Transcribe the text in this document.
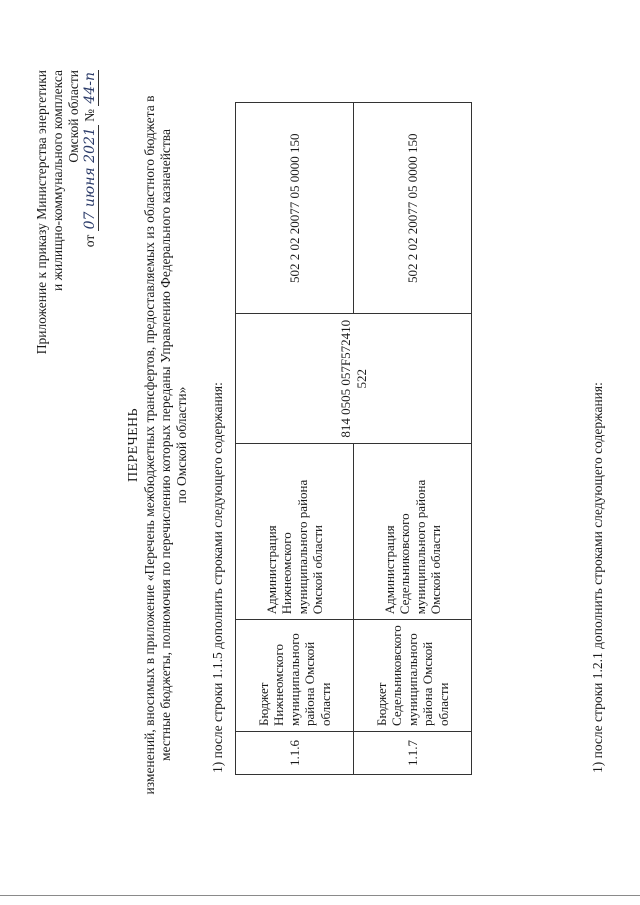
Приложение к приказу Министерства энергетики и жилищно-коммунального комплекса Омской области
от 07 июня 2021 № 44-п
ПЕРЕЧЕНЬ изменений, вносимых в приложение «Перечень межбюджетных трансфертов, предоставляемых из областного бюджета в местные бюджеты, полномочия по перечислению которых переданы Управлению Федерального казначейства по Омской области» 1) после строки 1.1.5 дополнить строками следующего содержания:	1.1.6	Бюджет Нижнеомского муниципального района Омской области	Администрация Нижнеомского муниципального района Омской области	814 0505 057F572410 522	502 2 02 20077 05 0000 150
1.1.7	Бюджет Седельниковского муниципального района Омской области	Администрация Седельниковского муниципального района Омской области		502 2 02 20077 05 0000 150
1) после строки 1.2.1 дополнить строками следующего содержания:
